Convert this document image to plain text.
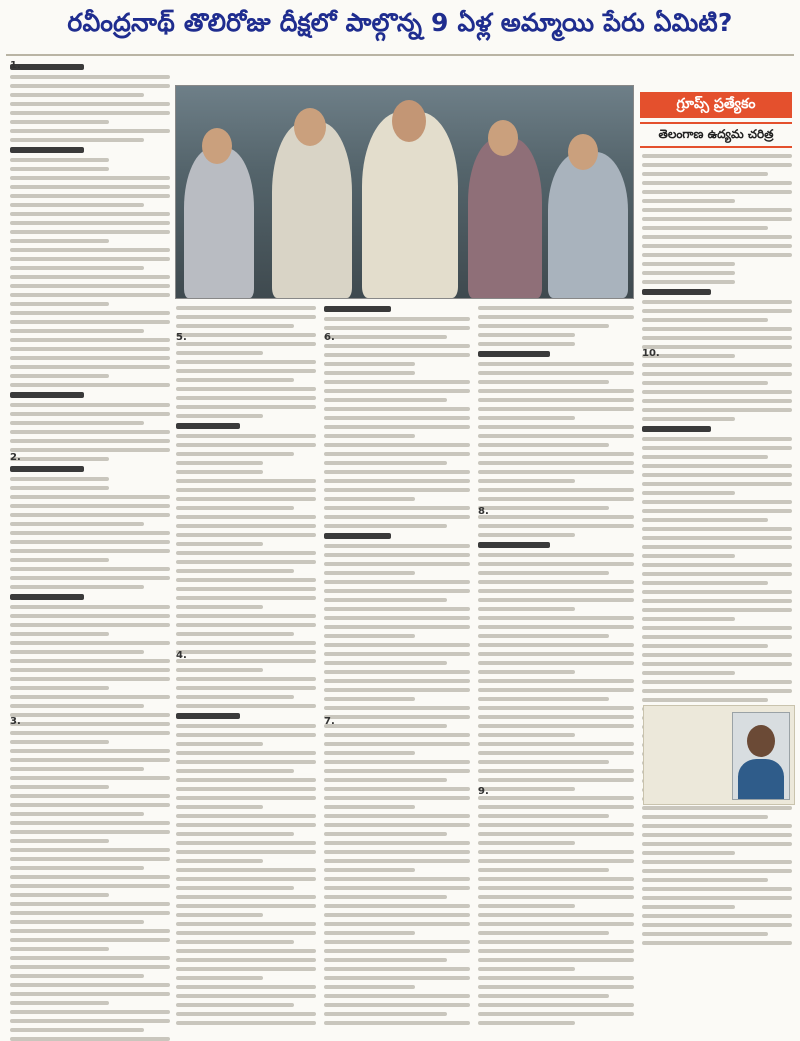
రవీంద్రనాథ్ తొలిరోజు దీక్షలో పాల్గొన్న 9 ఏళ్ల అమ్మాయి పేరు ఏమిటి?
గ్రూప్స్ ప్రత్యేకం
తెలంగాణ ఉద్యమ చరిత్ర
1.
2.
3.
4.
5.	6.
7.
8.
9.
10.
